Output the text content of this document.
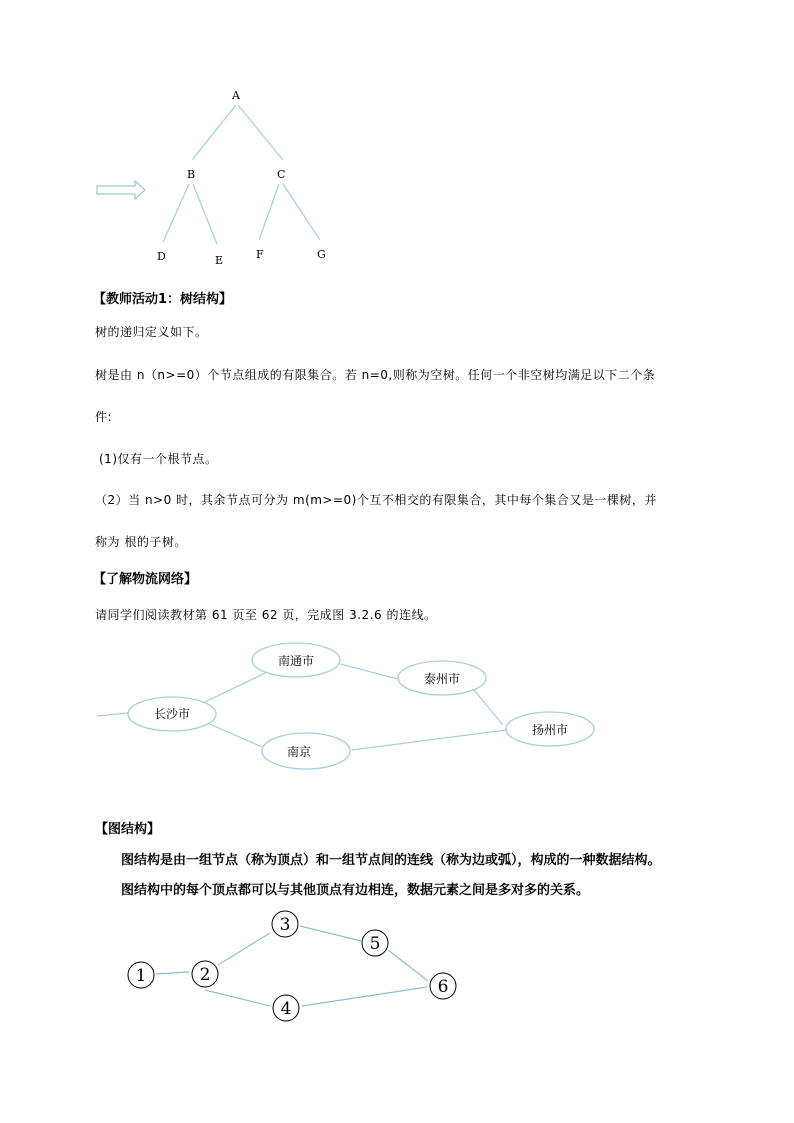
A
B	C
D	E	F	G
【教师活动1：树结构】
树的递归定义如下。
树是由 n（n>=0）个节点组成的有限集合。若 n=0,则称为空树。任何一个非空树均满足以下二个条
件:
(1)仅有一个根节点。
（2）当 n>0 时，其余节点可分为 m(m>=0)个互不相交的有限集合，其中每个集合又是一棵树，并
称为 根的子树。
【了解物流网络】
请同学们阅读教材第 61 页至 62 页，完成图 3.2.6 的连线。
长沙市
南通市
泰州市
南京
扬州市
【图结构】
图结构是由一组节点（称为顶点）和一组节点间的连线（称为边或弧），构成的一种数据结构。
图结构中的每个顶点都可以与其他顶点有边相连，数据元素之间是多对多的关系。
1	2
3
4
5
6
